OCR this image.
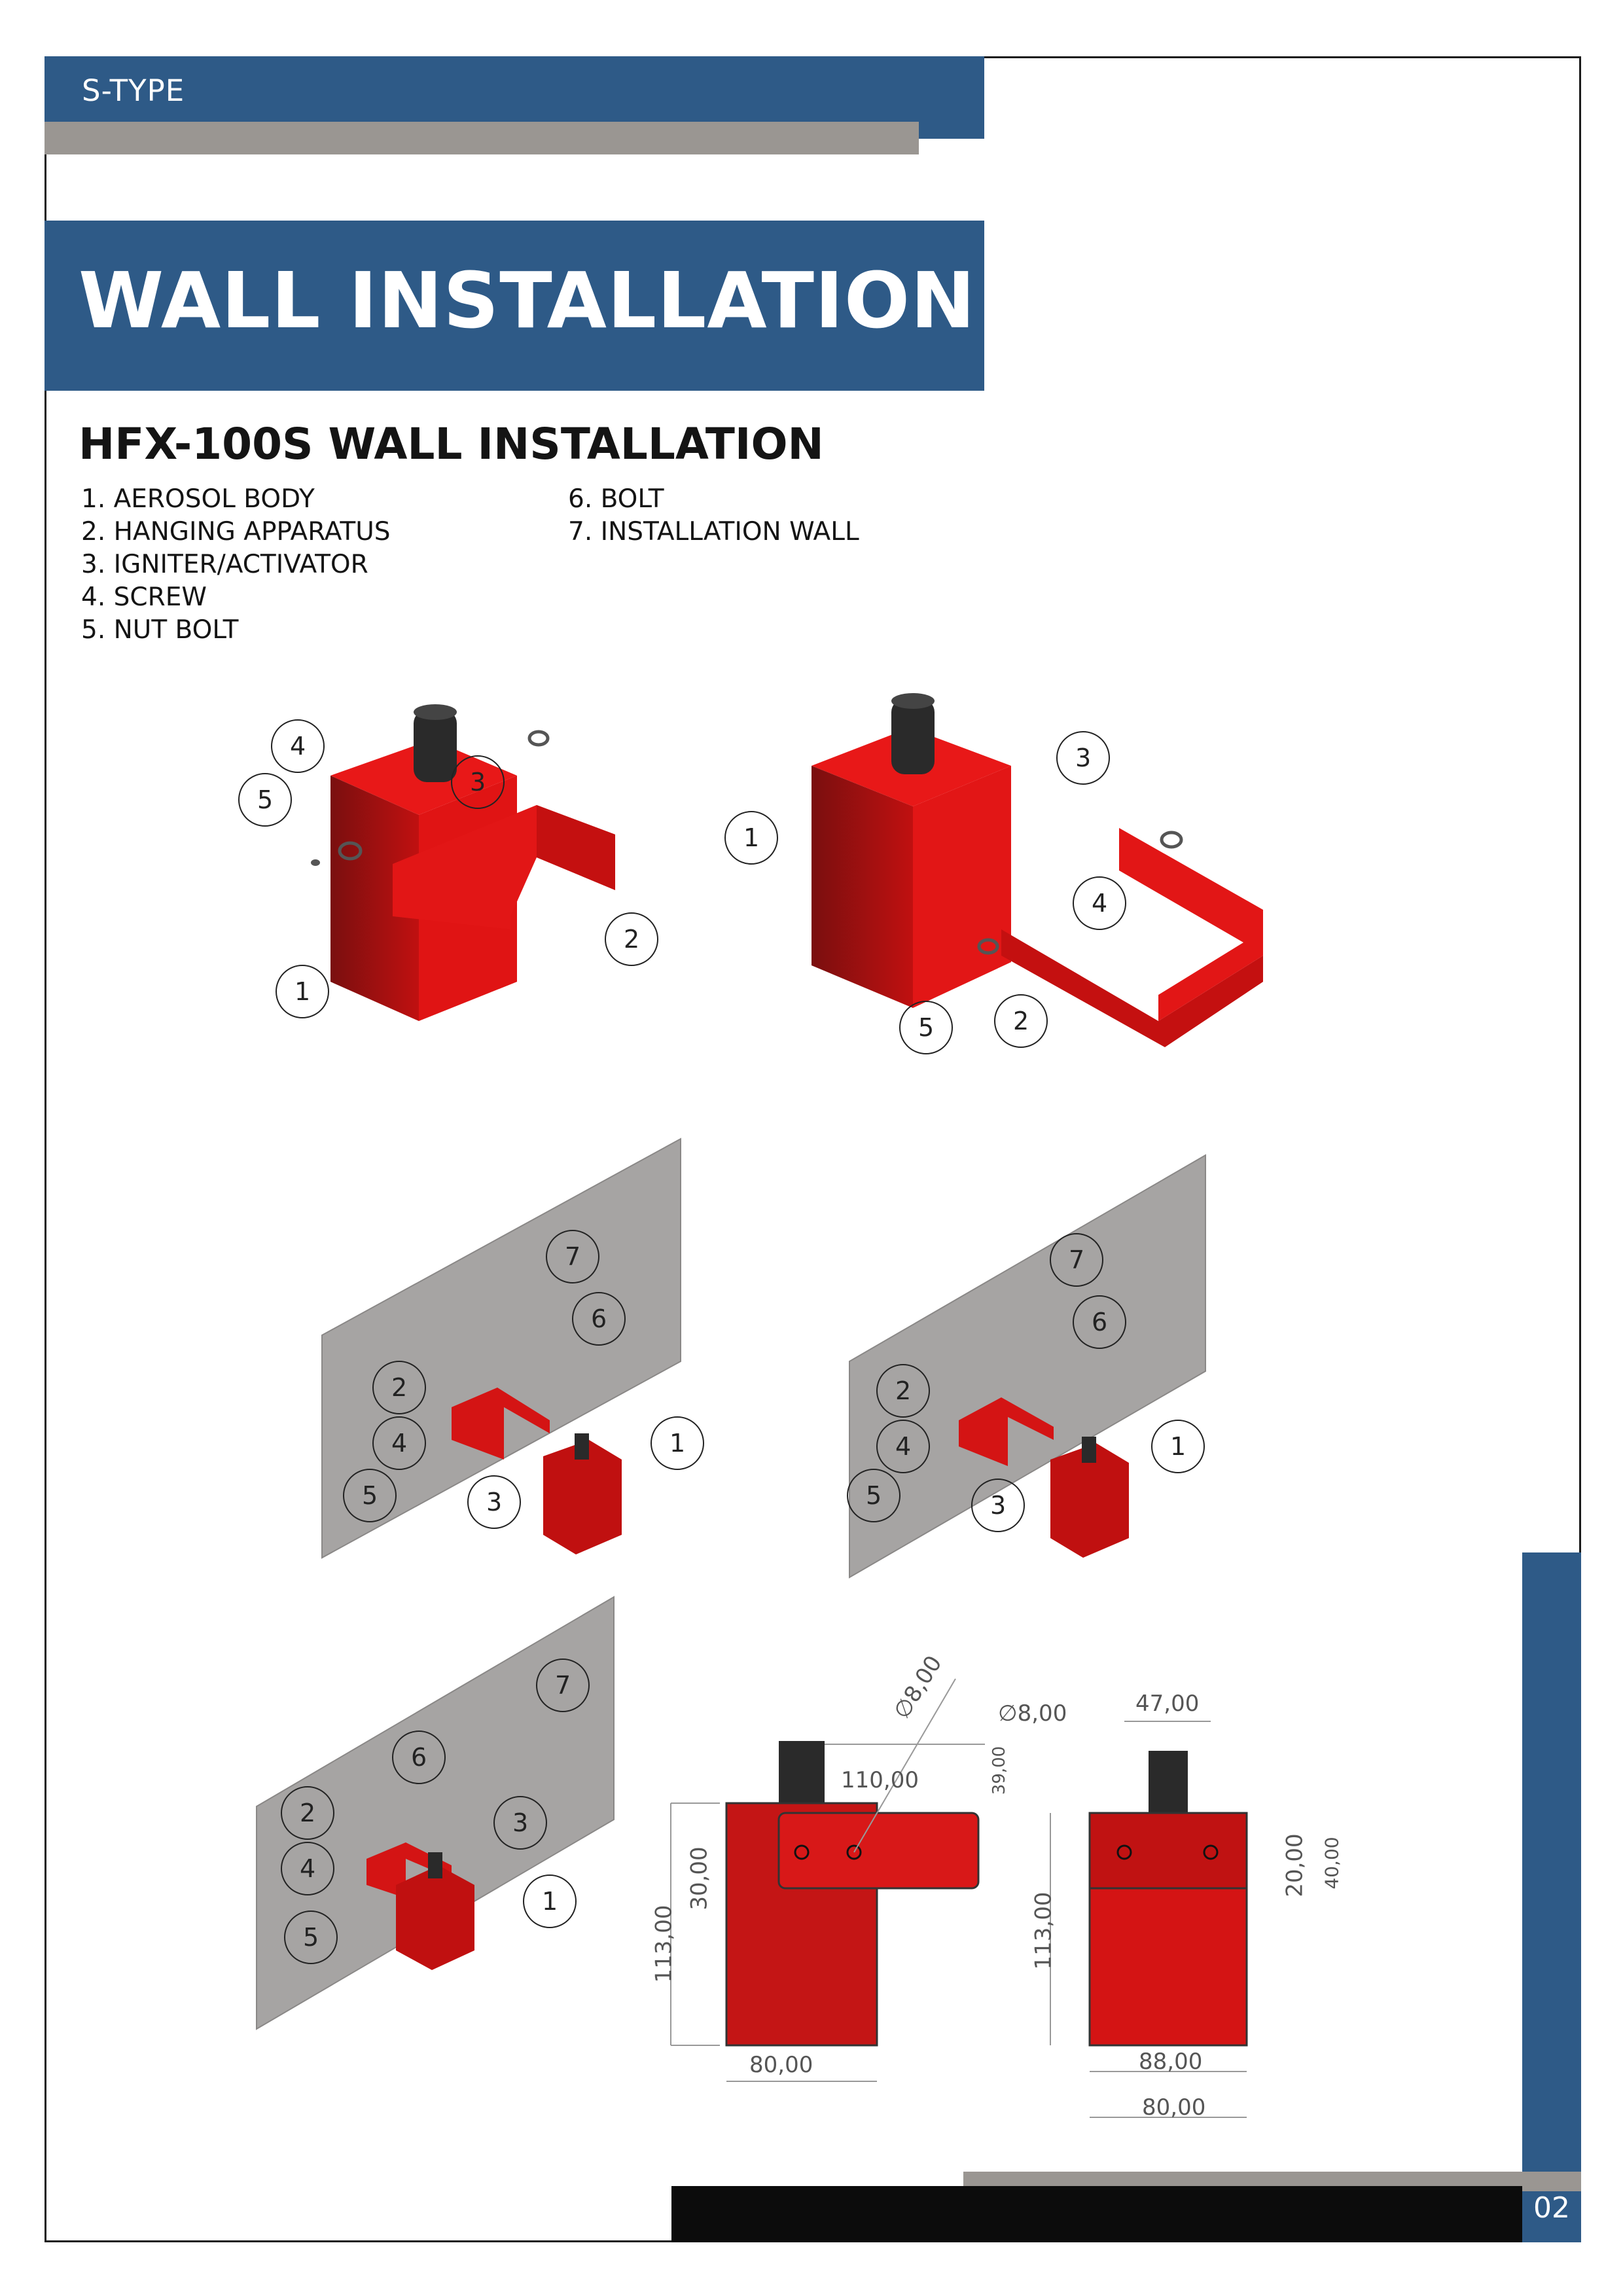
S-TYPE
WALL INSTALLATION
HFX-100S WALL INSTALLATION
1. AEROSOL BODY
2. HANGING APPARATUS
3. IGNITER/ACTIVATOR
4. SCREW
5. NUT BOLT
6. BOLT
7. INSTALLATION WALL
4
5
3
2
1
1
3
4
5	2
7
6
2
4
5	3
1
7
6
2
4
5	3
1
7
6
2	3
4
5
1
∅8,00
110,00	39,00
30,00
113,00
80,00
∅8,00	47,00
20,00 40,00
113,00
88,00
80,00
02
